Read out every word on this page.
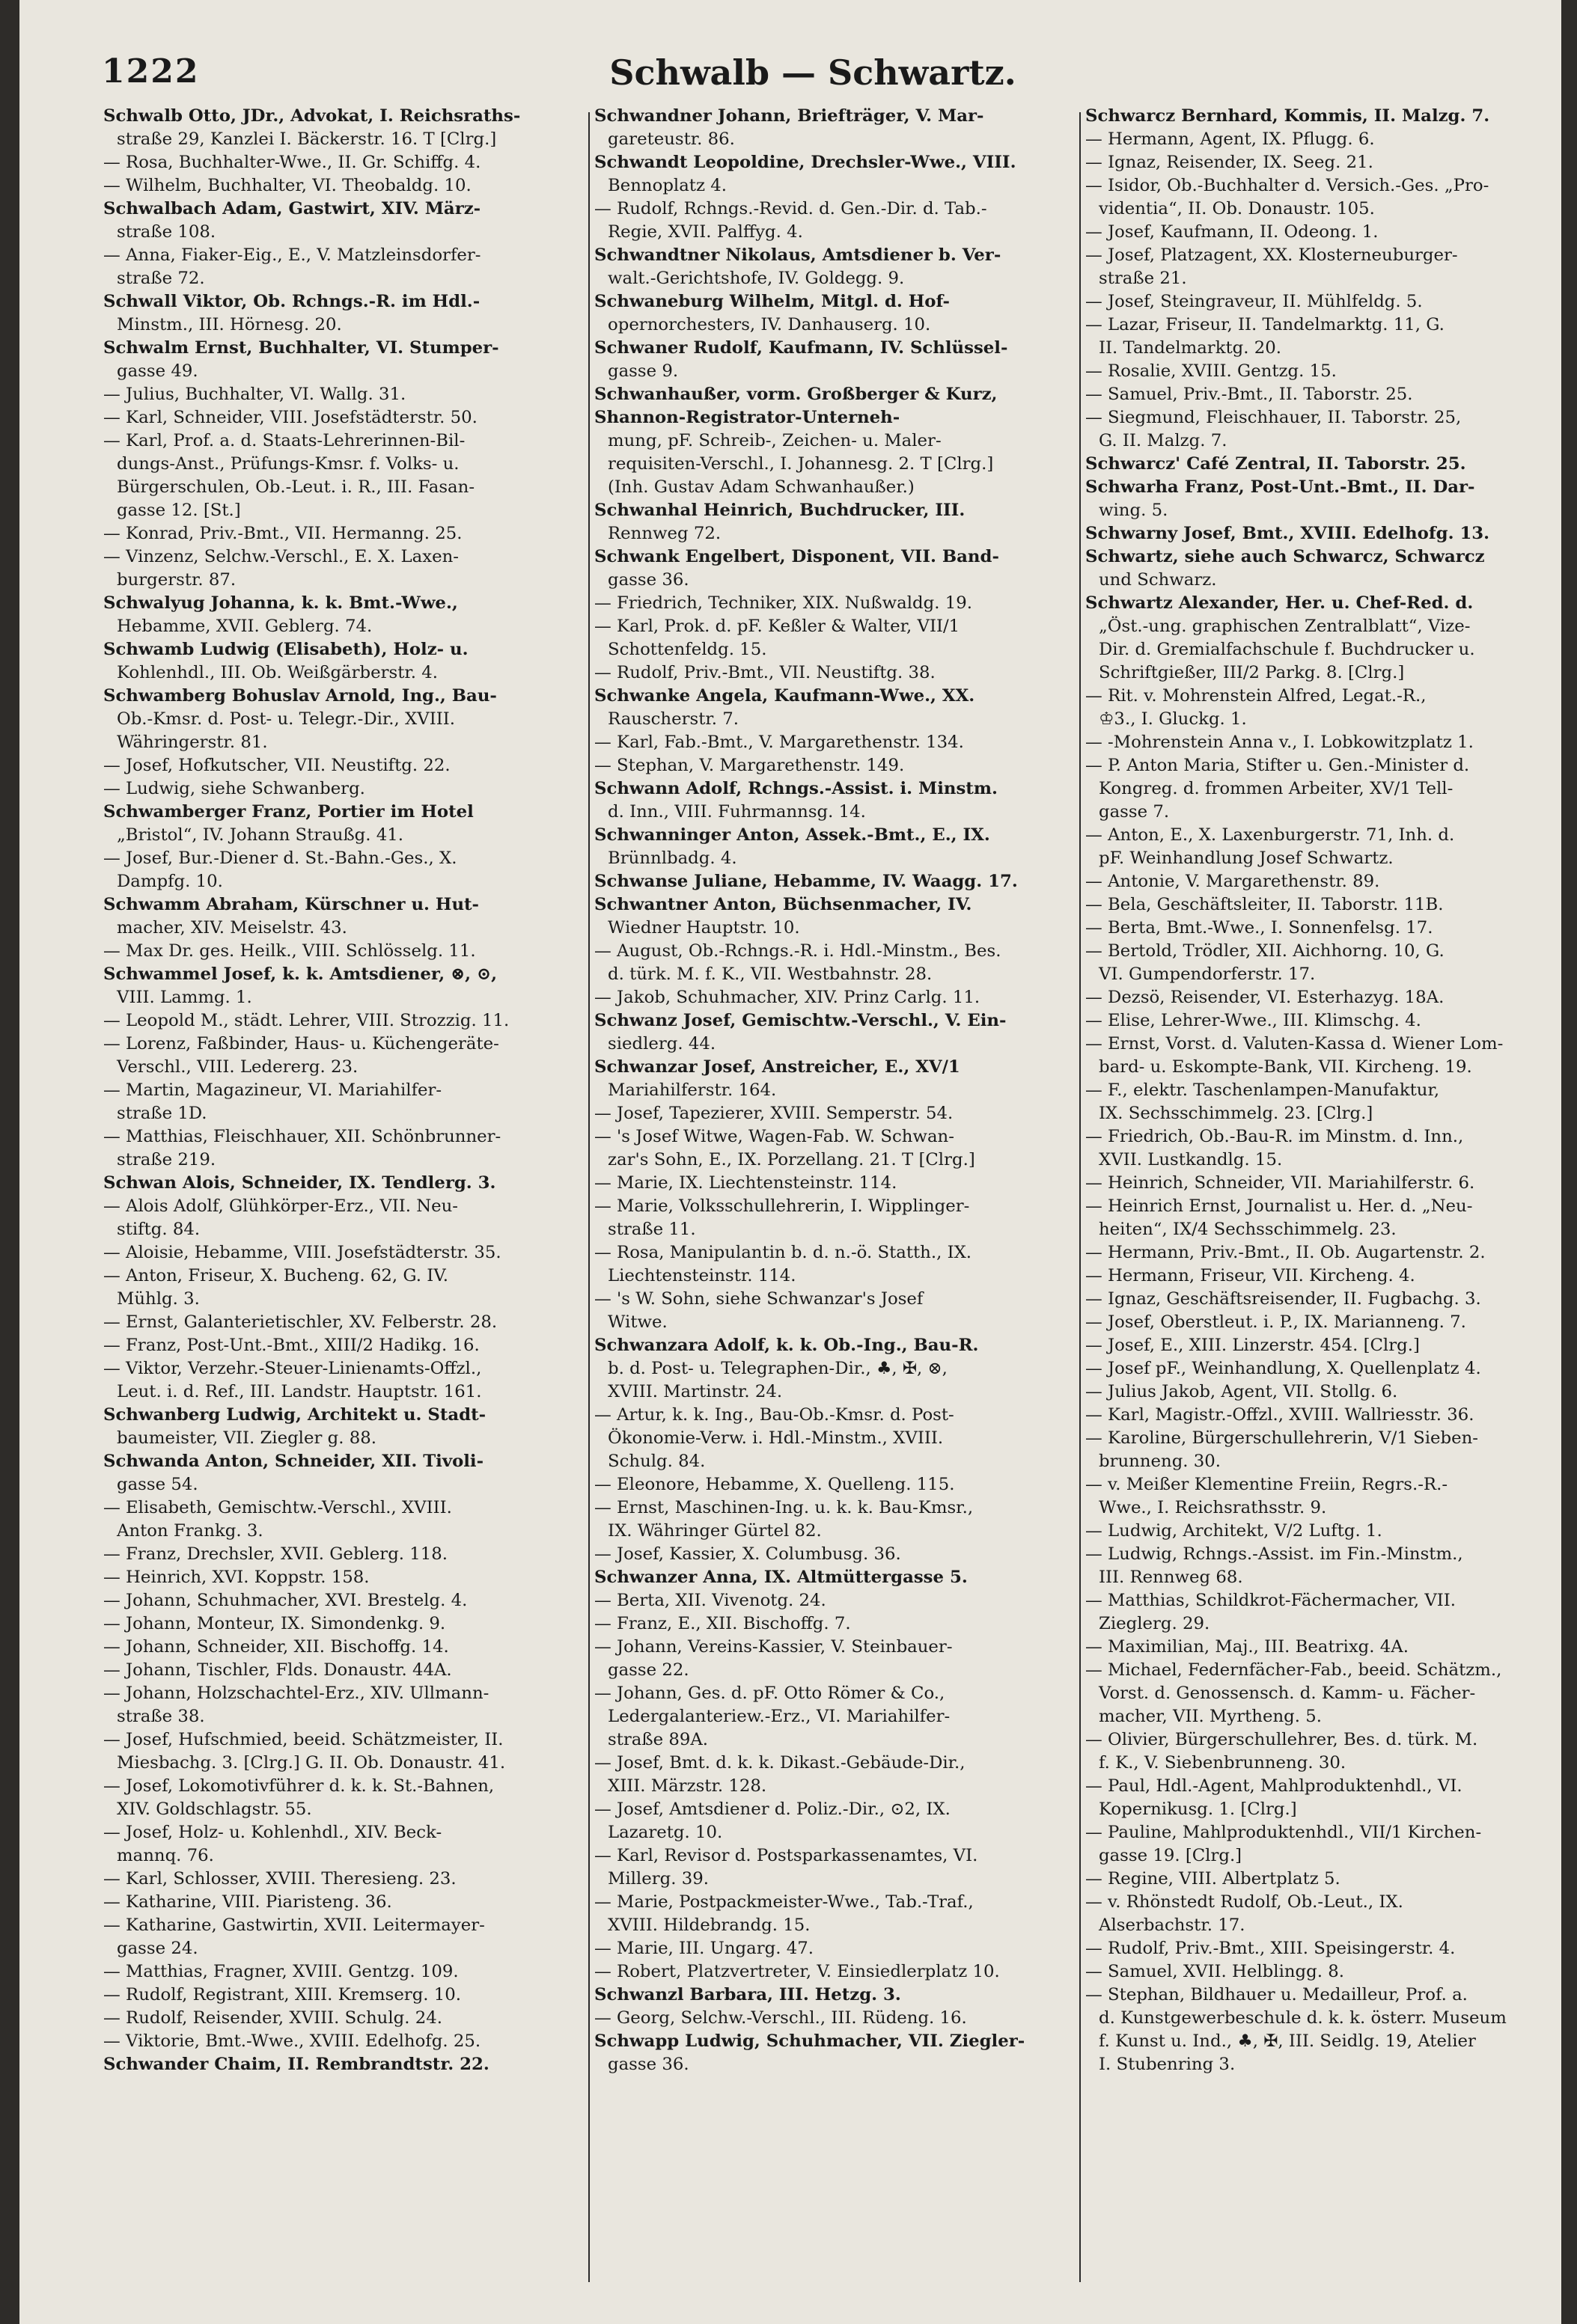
1222	Schwalb — Schwartz.
Schwalb Otto, JDr., Advokat, I. Reichsraths-
straße 29, Kanzlei I. Bäckerstr. 16. T [Clrg.]
— Rosa, Buchhalter-Wwe., II. Gr. Schiffg. 4.
— Wilhelm, Buchhalter, VI. Theobaldg. 10.
Schwalbach Adam, Gastwirt, XIV. März-
straße 108.
— Anna, Fiaker-Eig., E., V. Matzleinsdorfer-
straße 72.
Schwall Viktor, Ob. Rchngs.-R. im Hdl.-
Minstm., III. Hörnesg. 20.
Schwalm Ernst, Buchhalter, VI. Stumper-
gasse 49.
— Julius, Buchhalter, VI. Wallg. 31.
— Karl, Schneider, VIII. Josefstädterstr. 50.
— Karl, Prof. a. d. Staats-Lehrerinnen-Bil-
dungs-Anst., Prüfungs-Kmsr. f. Volks- u.
Bürgerschulen, Ob.-Leut. i. R., III. Fasan-
gasse 12. [St.]
— Konrad, Priv.-Bmt., VII. Hermanng. 25.
— Vinzenz, Selchw.-Verschl., E. X. Laxen-
burgerstr. 87.
Schwalyug Johanna, k. k. Bmt.-Wwe.,
Hebamme, XVII. Geblerg. 74.
Schwamb Ludwig (Elisabeth), Holz- u.
Kohlenhdl., III. Ob. Weißgärberstr. 4.
Schwamberg Bohuslav Arnold, Ing., Bau-
Ob.-Kmsr. d. Post- u. Telegr.-Dir., XVIII.
Währingerstr. 81.
— Josef, Hofkutscher, VII. Neustiftg. 22.
— Ludwig, siehe Schwanberg.
Schwamberger Franz, Portier im Hotel
„Bristol“, IV. Johann Straußg. 41.
— Josef, Bur.-Diener d. St.-Bahn.-Ges., X.
Dampfg. 10.
Schwamm Abraham, Kürschner u. Hut-
macher, XIV. Meiselstr. 43.
— Max Dr. ges. Heilk., VIII. Schlösselg. 11.
Schwammel Josef, k. k. Amtsdiener, ⊗, ⊙,
VIII. Lammg. 1.
— Leopold M., städt. Lehrer, VIII. Strozzig. 11.
— Lorenz, Faßbinder, Haus- u. Küchengeräte-
Verschl., VIII. Ledererg. 23.
— Martin, Magazineur, VI. Mariahilfer-
straße 1D.
— Matthias, Fleischhauer, XII. Schönbrunner-
straße 219.
Schwan Alois, Schneider, IX. Tendlerg. 3.
— Alois Adolf, Glühkörper-Erz., VII. Neu-
stiftg. 84.
— Aloisie, Hebamme, VIII. Josefstädterstr. 35.
— Anton, Friseur, X. Bucheng. 62, G. IV.
Mühlg. 3.
— Ernst, Galanterietischler, XV. Felberstr. 28.
— Franz, Post-Unt.-Bmt., XIII/2 Hadikg. 16.
— Viktor, Verzehr.-Steuer-Linienamts-Offzl.,
Leut. i. d. Ref., III. Landstr. Hauptstr. 161.
Schwanberg Ludwig, Architekt u. Stadt-
baumeister, VII. Ziegler g. 88.
Schwanda Anton, Schneider, XII. Tivoli-
gasse 54.
— Elisabeth, Gemischtw.-Verschl., XVIII.
Anton Frankg. 3.
— Franz, Drechsler, XVII. Geblerg. 118.
— Heinrich, XVI. Koppstr. 158.
— Johann, Schuhmacher, XVI. Brestelg. 4.
— Johann, Monteur, IX. Simondenkg. 9.
— Johann, Schneider, XII. Bischoffg. 14.
— Johann, Tischler, Flds. Donaustr. 44A.
— Johann, Holzschachtel-Erz., XIV. Ullmann-
straße 38.
— Josef, Hufschmied, beeid. Schätzmeister, II.
Miesbachg. 3. [Clrg.] G. II. Ob. Donaustr. 41.
— Josef, Lokomotivführer d. k. k. St.-Bahnen,
XIV. Goldschlagstr. 55.
— Josef, Holz- u. Kohlenhdl., XIV. Beck-
mannq. 76.
— Karl, Schlosser, XVIII. Theresieng. 23.
— Katharine, VIII. Piaristeng. 36.
— Katharine, Gastwirtin, XVII. Leitermayer-
gasse 24.
— Matthias, Fragner, XVIII. Gentzg. 109.
— Rudolf, Registrant, XIII. Kremserg. 10.
— Rudolf, Reisender, XVIII. Schulg. 24.
— Viktorie, Bmt.-Wwe., XVIII. Edelhofg. 25.
Schwander Chaim, II. Rembrandtstr. 22.
Schwandner Johann, Briefträger, V. Mar-
gareteustr. 86.
Schwandt Leopoldine, Drechsler-Wwe., VIII.
Bennoplatz 4.
— Rudolf, Rchngs.-Revid. d. Gen.-Dir. d. Tab.-
Regie, XVII. Palffyg. 4.
Schwandtner Nikolaus, Amtsdiener b. Ver-
walt.-Gerichtshofe, IV. Goldegg. 9.
Schwaneburg Wilhelm, Mitgl. d. Hof-
opernorchesters, IV. Danhauserg. 10.
Schwaner Rudolf, Kaufmann, IV. Schlüssel-
gasse 9.
Schwanhaußer, vorm. Großberger & Kurz,
Shannon-Registrator-Unterneh-
mung, pF. Schreib-, Zeichen- u. Maler-
requisiten-Verschl., I. Johannesg. 2. T [Clrg.]
(Inh. Gustav Adam Schwanhaußer.)
Schwanhal Heinrich, Buchdrucker, III.
Rennweg 72.
Schwank Engelbert, Disponent, VII. Band-
gasse 36.
— Friedrich, Techniker, XIX. Nußwaldg. 19.
— Karl, Prok. d. pF. Keßler & Walter, VII/1
Schottenfeldg. 15.
— Rudolf, Priv.-Bmt., VII. Neustiftg. 38.
Schwanke Angela, Kaufmann-Wwe., XX.
Rauscherstr. 7.
— Karl, Fab.-Bmt., V. Margarethenstr. 134.
— Stephan, V. Margarethenstr. 149.
Schwann Adolf, Rchngs.-Assist. i. Minstm.
d. Inn., VIII. Fuhrmannsg. 14.
Schwanninger Anton, Assek.-Bmt., E., IX.
Brünnlbadg. 4.
Schwanse Juliane, Hebamme, IV. Waagg. 17.
Schwantner Anton, Büchsenmacher, IV.
Wiedner Hauptstr. 10.
— August, Ob.-Rchngs.-R. i. Hdl.-Minstm., Bes.
d. türk. M. f. K., VII. Westbahnstr. 28.
— Jakob, Schuhmacher, XIV. Prinz Carlg. 11.
Schwanz Josef, Gemischtw.-Verschl., V. Ein-
siedlerg. 44.
Schwanzar Josef, Anstreicher, E., XV/1
Mariahilferstr. 164.
— Josef, Tapezierer, XVIII. Semperstr. 54.
— 's Josef Witwe, Wagen-Fab. W. Schwan-
zar's Sohn, E., IX. Porzellang. 21. T [Clrg.]
— Marie, IX. Liechtensteinstr. 114.
— Marie, Volksschullehrerin, I. Wipplinger-
straße 11.
— Rosa, Manipulantin b. d. n.-ö. Statth., IX.
Liechtensteinstr. 114.
— 's W. Sohn, siehe Schwanzar's Josef
Witwe.
Schwanzara Adolf, k. k. Ob.-Ing., Bau-R.
b. d. Post- u. Telegraphen-Dir., ♣, ✠, ⊗,
XVIII. Martinstr. 24.
— Artur, k. k. Ing., Bau-Ob.-Kmsr. d. Post-
Ökonomie-Verw. i. Hdl.-Minstm., XVIII.
Schulg. 84.
— Eleonore, Hebamme, X. Quelleng. 115.
— Ernst, Maschinen-Ing. u. k. k. Bau-Kmsr.,
IX. Währinger Gürtel 82.
— Josef, Kassier, X. Columbusg. 36.
Schwanzer Anna, IX. Altmüttergasse 5.
— Berta, XII. Vivenotg. 24.
— Franz, E., XII. Bischoffg. 7.
— Johann, Vereins-Kassier, V. Steinbauer-
gasse 22.
— Johann, Ges. d. pF. Otto Römer & Co.,
Ledergalanteriew.-Erz., VI. Mariahilfer-
straße 89A.
— Josef, Bmt. d. k. k. Dikast.-Gebäude-Dir.,
XIII. Märzstr. 128.
— Josef, Amtsdiener d. Poliz.-Dir., ⊙2, IX.
Lazaretg. 10.
— Karl, Revisor d. Postsparkassenamtes, VI.
Millerg. 39.
— Marie, Postpackmeister-Wwe., Tab.-Traf.,
XVIII. Hildebrandg. 15.
— Marie, III. Ungarg. 47.
— Robert, Platzvertreter, V. Einsiedlerplatz 10.
Schwanzl Barbara, III. Hetzg. 3.
— Georg, Selchw.-Verschl., III. Rüdeng. 16.
Schwapp Ludwig, Schuhmacher, VII. Ziegler-
gasse 36.
Schwarcz Bernhard, Kommis, II. Malzg. 7.
— Hermann, Agent, IX. Pflugg. 6.
— Ignaz, Reisender, IX. Seeg. 21.
— Isidor, Ob.-Buchhalter d. Versich.-Ges. „Pro-
videntia“, II. Ob. Donaustr. 105.
— Josef, Kaufmann, II. Odeong. 1.
— Josef, Platzagent, XX. Klosterneuburger-
straße 21.
— Josef, Steingraveur, II. Mühlfeldg. 5.
— Lazar, Friseur, II. Tandelmarktg. 11, G.
II. Tandelmarktg. 20.
— Rosalie, XVIII. Gentzg. 15.
— Samuel, Priv.-Bmt., II. Taborstr. 25.
— Siegmund, Fleischhauer, II. Taborstr. 25,
G. II. Malzg. 7.
Schwarcz' Café Zentral, II. Taborstr. 25.
Schwarha Franz, Post-Unt.-Bmt., II. Dar-
wing. 5.
Schwarny Josef, Bmt., XVIII. Edelhofg. 13.
Schwartz, siehe auch Schwarcz, Schwarcz
und Schwarz.
Schwartz Alexander, Her. u. Chef-Red. d.
„Öst.-ung. graphischen Zentralblatt“, Vize-
Dir. d. Gremialfachschule f. Buchdrucker u.
Schriftgießer, III/2 Parkg. 8. [Clrg.]
— Rit. v. Mohrenstein Alfred, Legat.-R.,
♔3., I. Gluckg. 1.
— -Mohrenstein Anna v., I. Lobkowitzplatz 1.
— P. Anton Maria, Stifter u. Gen.-Minister d.
Kongreg. d. frommen Arbeiter, XV/1 Tell-
gasse 7.
— Anton, E., X. Laxenburgerstr. 71, Inh. d.
pF. Weinhandlung Josef Schwartz.
— Antonie, V. Margarethenstr. 89.
— Bela, Geschäftsleiter, II. Taborstr. 11B.
— Berta, Bmt.-Wwe., I. Sonnenfelsg. 17.
— Bertold, Trödler, XII. Aichhorng. 10, G.
VI. Gumpendorferstr. 17.
— Dezsö, Reisender, VI. Esterhazyg. 18A.
— Elise, Lehrer-Wwe., III. Klimschg. 4.
— Ernst, Vorst. d. Valuten-Kassa d. Wiener Lom-
bard- u. Eskompte-Bank, VII. Kircheng. 19.
— F., elektr. Taschenlampen-Manufaktur,
IX. Sechsschimmelg. 23. [Clrg.]
— Friedrich, Ob.-Bau-R. im Minstm. d. Inn.,
XVII. Lustkandlg. 15.
— Heinrich, Schneider, VII. Mariahilferstr. 6.
— Heinrich Ernst, Journalist u. Her. d. „Neu-
heiten“, IX/4 Sechsschimmelg. 23.
— Hermann, Priv.-Bmt., II. Ob. Augartenstr. 2.
— Hermann, Friseur, VII. Kircheng. 4.
— Ignaz, Geschäftsreisender, II. Fugbachg. 3.
— Josef, Oberstleut. i. P., IX. Marianneng. 7.
— Josef, E., XIII. Linzerstr. 454. [Clrg.]
— Josef pF., Weinhandlung, X. Quellenplatz 4.
— Julius Jakob, Agent, VII. Stollg. 6.
— Karl, Magistr.-Offzl., XVIII. Wallriesstr. 36.
— Karoline, Bürgerschullehrerin, V/1 Sieben-
brunneng. 30.
— v. Meißer Klementine Freiin, Regrs.-R.-
Wwe., I. Reichsrathsstr. 9.
— Ludwig, Architekt, V/2 Luftg. 1.
— Ludwig, Rchngs.-Assist. im Fin.-Minstm.,
III. Rennweg 68.
— Matthias, Schildkrot-Fächermacher, VII.
Zieglerg. 29.
— Maximilian, Maj., III. Beatrixg. 4A.
— Michael, Federnfächer-Fab., beeid. Schätzm.,
Vorst. d. Genossensch. d. Kamm- u. Fächer-
macher, VII. Myrtheng. 5.
— Olivier, Bürgerschullehrer, Bes. d. türk. M.
f. K., V. Siebenbrunneng. 30.
— Paul, Hdl.-Agent, Mahlproduktenhdl., VI.
Kopernikusg. 1. [Clrg.]
— Pauline, Mahlproduktenhdl., VII/1 Kirchen-
gasse 19. [Clrg.]
— Regine, VIII. Albertplatz 5.
— v. Rhönstedt Rudolf, Ob.-Leut., IX.
Alserbachstr. 17.
— Rudolf, Priv.-Bmt., XIII. Speisingerstr. 4.
— Samuel, XVII. Helblingg. 8.
— Stephan, Bildhauer u. Medailleur, Prof. a.
d. Kunstgewerbeschule d. k. k. österr. Museum
f. Kunst u. Ind., ♣, ✠, III. Seidlg. 19, Atelier
I. Stubenring 3.
